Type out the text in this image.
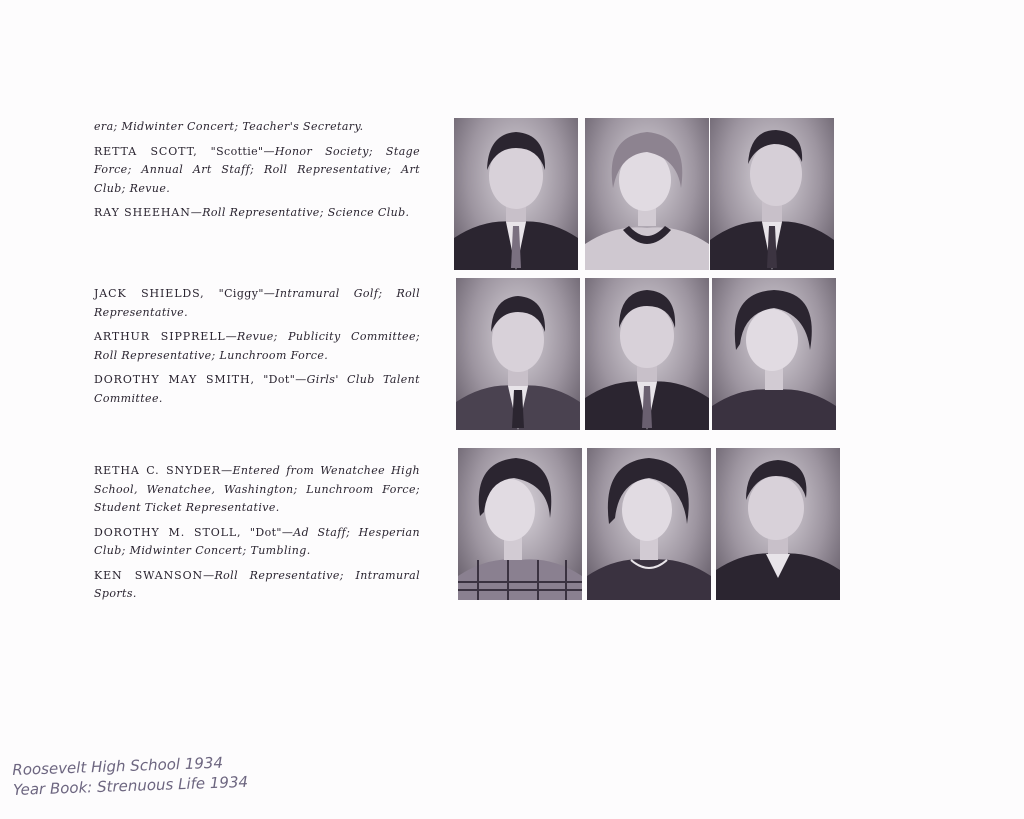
era; Midwinter Concert; Teacher's Secretary.

RETTA SCOTT, "Scottie"—Honor Society; Stage Force; Annual Art Staff; Roll Representative; Art Club; Revue.

RAY SHEEHAN—Roll Representative; Science Club.

JACK SHIELDS, "Ciggy"—Intramural Golf; Roll Representative.

ARTHUR SIPPRELL—Revue; Publicity Committee; Roll Representative; Lunchroom Force.

DOROTHY MAY SMITH, "Dot"—Girls' Club Talent Committee.

RETHA C. SNYDER—Entered from Wenatchee High School, Wenatchee, Washington; Lunchroom Force; Student Ticket Representative.

DOROTHY M. STOLL, "Dot"—Ad Staff; Hesperian Club; Midwinter Concert; Tumbling.

KEN SWANSON—Roll Representative; Intramural Sports.

Roosevelt High School 1934
Year Book: Strenuous Life 1934
